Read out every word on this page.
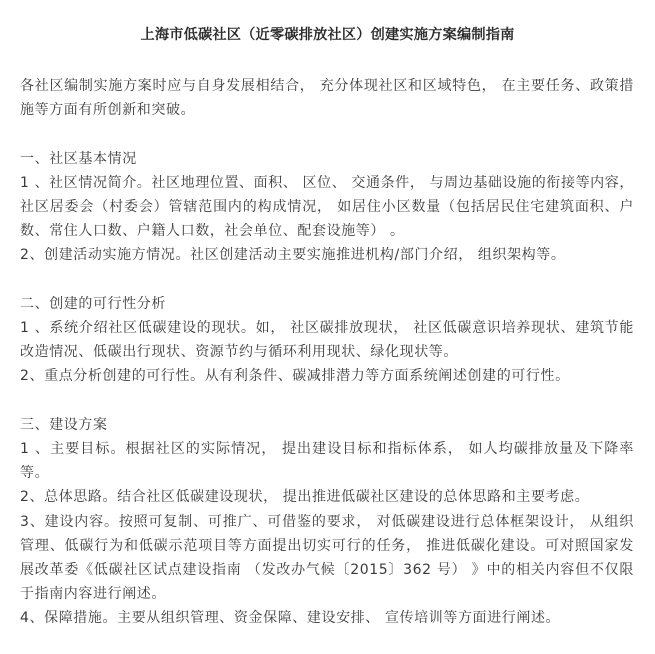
上海市低碳社区（近零碳排放社区）创建实施方案编制指南

各社区编制实施方案时应与自身发展相结合， 充分体现社区和区域特色， 在主要任务、政策措施等方面有所创新和突破。

一、社区基本情况

1 、社区情况简介。社区地理位置、面积、 区位、 交通条件， 与周边基础设施的衔接等内容，社区居委会（村委会）管辖范围内的构成情况， 如居住小区数量（包括居民住宅建筑面积、户数、常住人口数、户籍人口数，社会单位、配套设施等） 。

2、创建活动实施方情况。社区创建活动主要实施推进机构/部门介绍， 组织架构等。

二、创建的可行性分析

1 、系统介绍社区低碳建设的现状。如， 社区碳排放现状， 社区低碳意识培养现状、建筑节能改造情况、低碳出行现状、资源节约与循环利用现状、绿化现状等。

2、重点分析创建的可行性。从有利条件、碳减排潜力等方面系统阐述创建的可行性。

三、建设方案

1 、主要目标。根据社区的实际情况， 提出建设目标和指标体系， 如人均碳排放量及下降率等。

2、总体思路。结合社区低碳建设现状， 提出推进低碳社区建设的总体思路和主要考虑。

3、建设内容。按照可复制、可推广、可借鉴的要求， 对低碳建设进行总体框架设计， 从组织管理、低碳行为和低碳示范项目等方面提出切实可行的任务， 推进低碳化建设。可对照国家发展改革委《低碳社区试点建设指南 （发改办气候〔2015〕362 号） 》中的相关内容但不仅限于指南内容进行阐述。

4、保障措施。主要从组织管理、资金保障、建设安排、 宣传培训等方面进行阐述。
